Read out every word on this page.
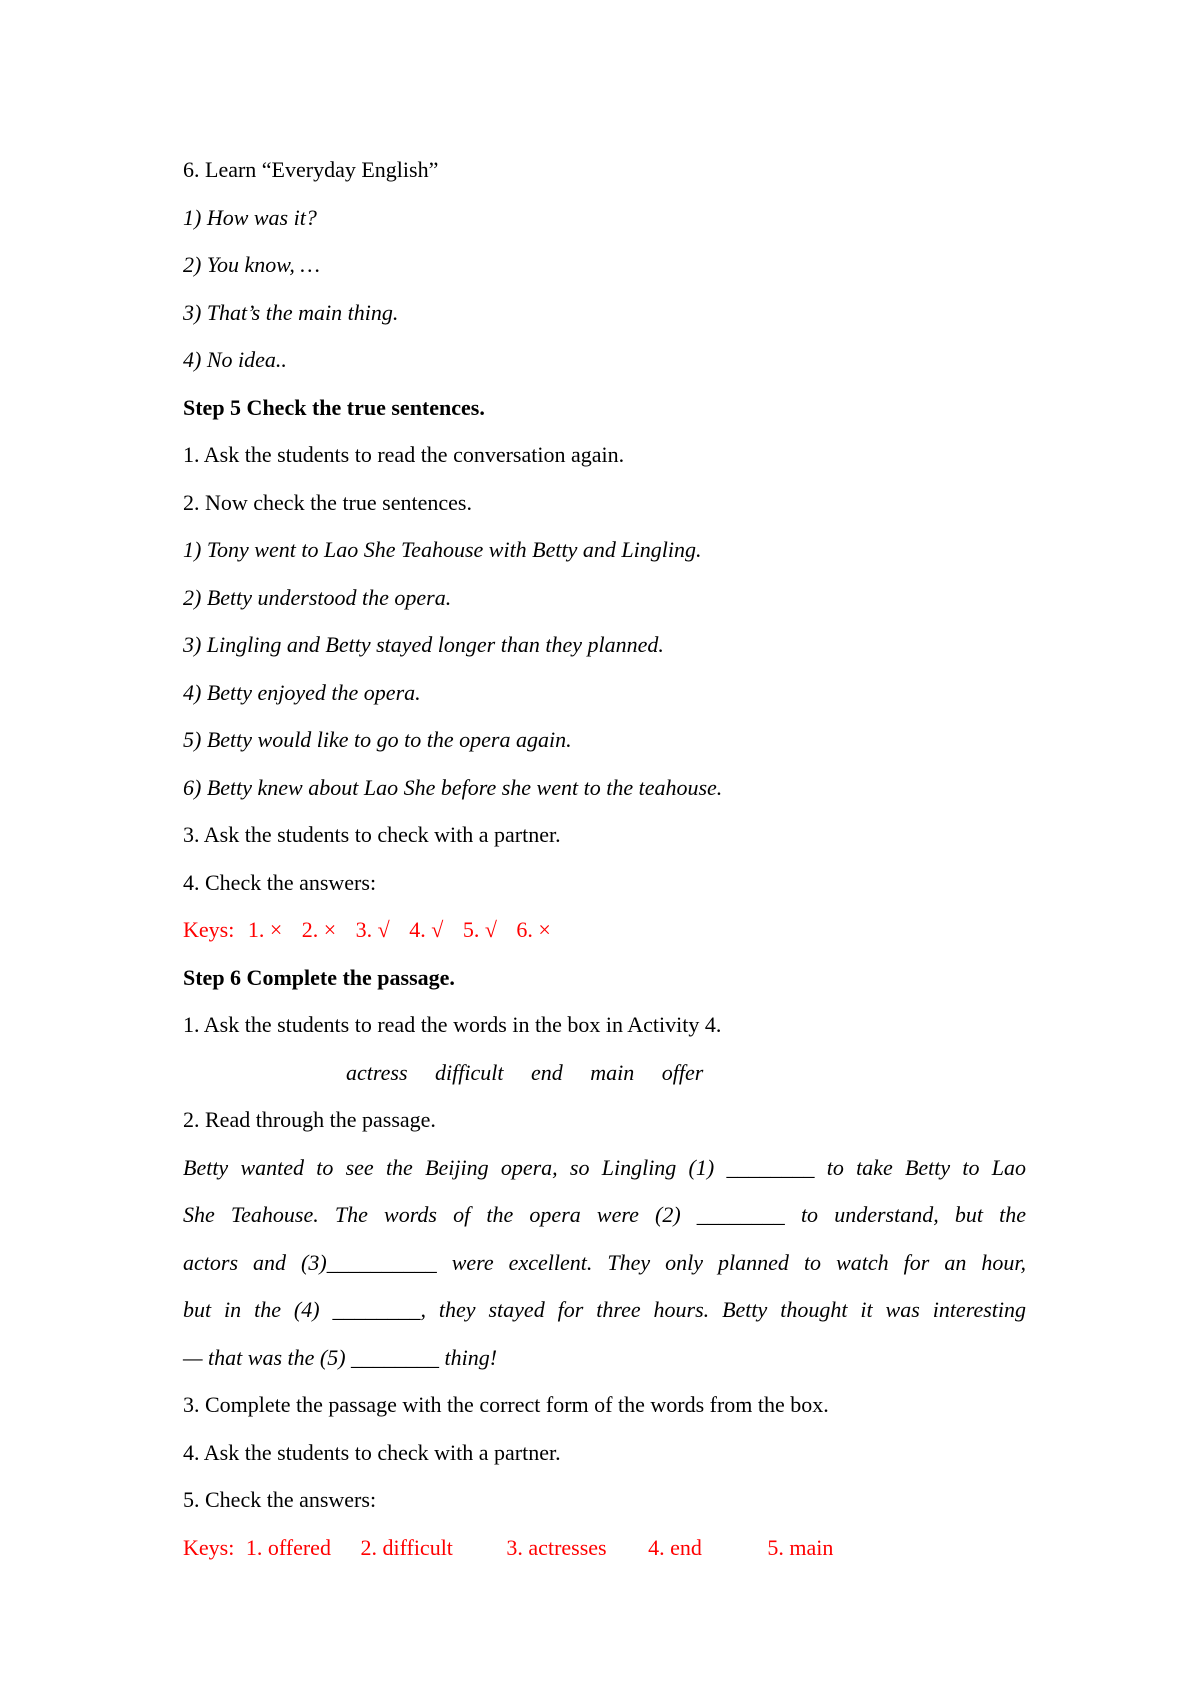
6. Learn “Everyday English”
1) How was it?
2) You know, …
3) That’s the main thing.
4) No idea..
Step 5 Check the true sentences.
1. Ask the students to read the conversation again.
2. Now check the true sentences.
1) Tony went to Lao She Teahouse with Betty and Lingling.
2) Betty understood the opera.
3) Lingling and Betty stayed longer than they planned.
4) Betty enjoyed the opera.
5) Betty would like to go to the opera again.
6) Betty knew about Lao She before she went to the teahouse.
3. Ask the students to check with a partner.
4. Check the answers:
Keys: 1. × 2. × 3. √ 4. √ 5. √ 6. ×
Step 6 Complete the passage.
1. Ask the students to read the words in the box in Activity 4.
actress difficult end main offer
2. Read through the passage.
Betty wanted to see the Beijing opera, so Lingling (1) ________ to take Betty to Lao
She Teahouse. The words of the opera were (2) ________ to understand, but the
actors and (3)__________ were excellent. They only planned to watch for an hour,
but in the (4) ________, they stayed for three hours. Betty thought it was interesting
— that was the (5) ________ thing!
3. Complete the passage with the correct form of the words from the box.
4. Ask the students to check with a partner.
5. Check the answers:
Keys: 1. offered 2. difficult 3. actresses 4. end	5. main
